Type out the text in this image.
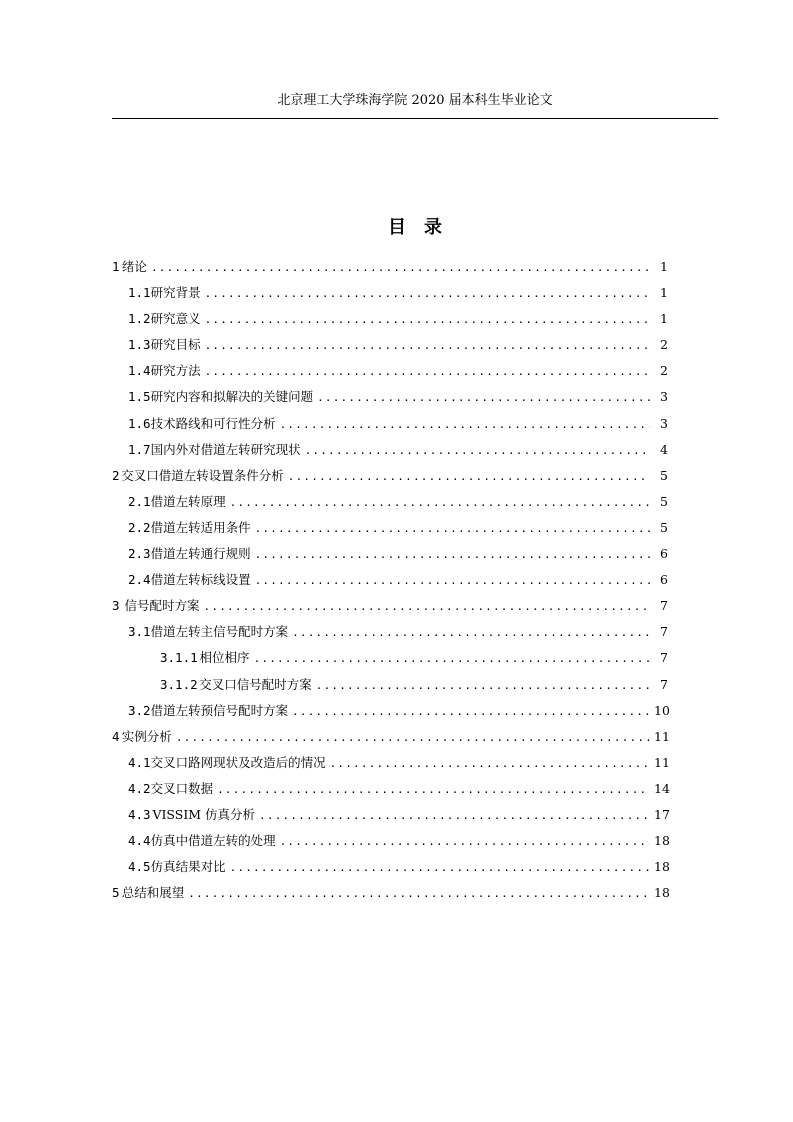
北京理工大学珠海学院 2020 届本科生毕业论文
目录
1 绪论 .....	1
1.1 研究背景 .....	1
1.2 研究意义 .....	1
1.3 研究目标 .....	2
1.4 研究方法 .....	2
1.5 研究内容和拟解决的关键问题 .....	3
1.6 技术路线和可行性分析 .....	3
1.7 国内外对借道左转研究现状 .....	4
2 交叉口借道左转设置条件分析 .....	5
2.1 借道左转原理 .....	5
2.2 借道左转适用条件 .....	5
2.3 借道左转通行规则 .....	6
2.4 借道左转标线设置 .....	6
3 信号配时方案 .....	7
3.1 借道左转主信号配时方案 .....	7
3.1.1 相位相序 .....	7
3.1.2 交叉口信号配时方案 .....	7
3.2 借道左转预信号配时方案 .....	10
4 实例分析 .....	11
4.1 交叉口路网现状及改造后的情况 .....	11
4.2 交叉口数据 .....	14
4.3 VISSIM 仿真分析 .....	17
4.4 仿真中借道左转的处理 .....	18
4.5 仿真结果对比 .....	18
5 总结和展望 .....	18
